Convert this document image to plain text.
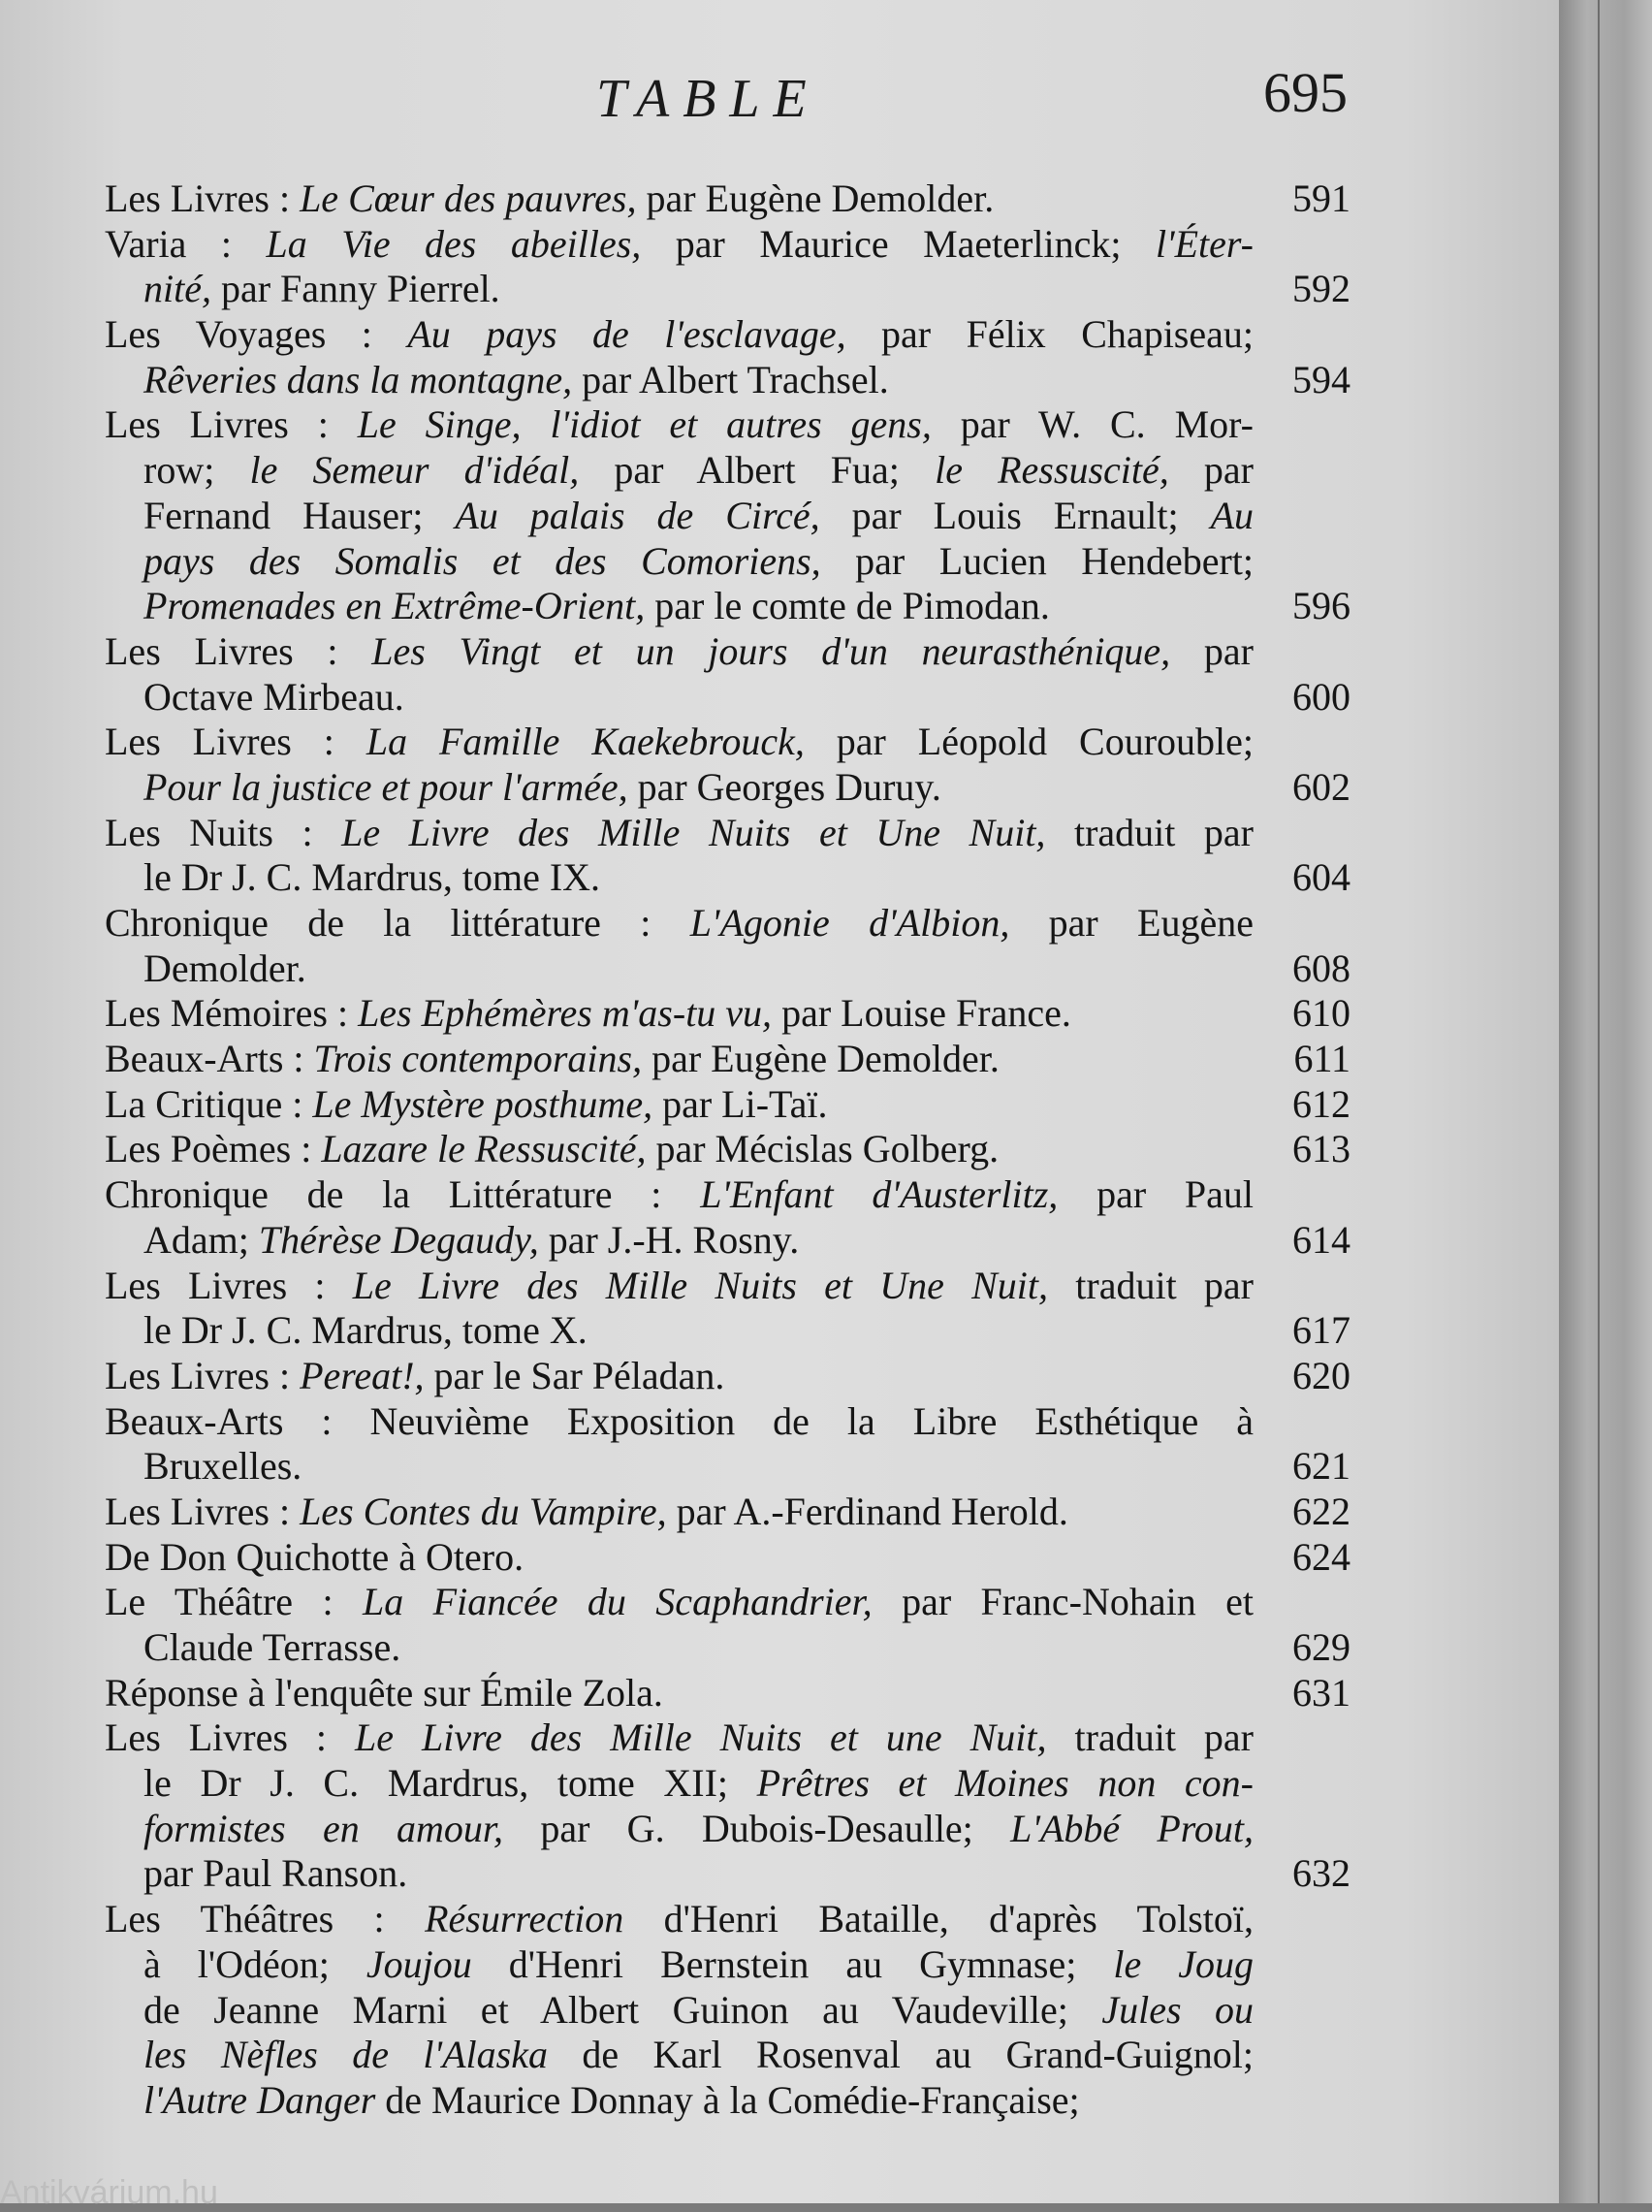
TABLE	695
Les Livres : Le Cœur des pauvres, par Eugène Demolder.	591
Varia : La Vie des abeilles, par Maurice Maeterlinck; l'Éter-
nité, par Fanny Pierrel.	592
Les Voyages : Au pays de l'esclavage, par Félix Chapiseau;
Rêveries dans la montagne, par Albert Trachsel.	594
Les Livres : Le Singe, l'idiot et autres gens, par W. C. Mor-
row; le Semeur d'idéal, par Albert Fua; le Ressuscité, par
Fernand Hauser; Au palais de Circé, par Louis Ernault; Au
pays des Somalis et des Comoriens, par Lucien Hendebert;
Promenades en Extrême-Orient, par le comte de Pimodan.	596
Les Livres : Les Vingt et un jours d'un neurasthénique, par
Octave Mirbeau.	600
Les Livres : La Famille Kaekebrouck, par Léopold Courouble;
Pour la justice et pour l'armée, par Georges Duruy.	602
Les Nuits : Le Livre des Mille Nuits et Une Nuit, traduit par
le Dr J. C. Mardrus, tome IX.	604
Chronique de la littérature : L'Agonie d'Albion, par Eugène
Demolder.	608
Les Mémoires : Les Ephémères m'as-tu vu, par Louise France.	610
Beaux-Arts : Trois contemporains, par Eugène Demolder.	611
La Critique : Le Mystère posthume, par Li-Taï.	612
Les Poèmes : Lazare le Ressuscité, par Mécislas Golberg.	613
Chronique de la Littérature : L'Enfant d'Austerlitz, par Paul
Adam; Thérèse Degaudy, par J.-H. Rosny.	614
Les Livres : Le Livre des Mille Nuits et Une Nuit, traduit par
le Dr J. C. Mardrus, tome X.	617
Les Livres : Pereat!, par le Sar Péladan.	620
Beaux-Arts : Neuvième Exposition de la Libre Esthétique à
Bruxelles.	621
Les Livres : Les Contes du Vampire, par A.-Ferdinand Herold.	622
De Don Quichotte à Otero.	624
Le Théâtre : La Fiancée du Scaphandrier, par Franc-Nohain et
Claude Terrasse.	629
Réponse à l'enquête sur Émile Zola.	631
Les Livres : Le Livre des Mille Nuits et une Nuit, traduit par
le Dr J. C. Mardrus, tome XII; Prêtres et Moines non con-
formistes en amour, par G. Dubois-Desaulle; L'Abbé Prout,
par Paul Ranson.	632
Les Théâtres : Résurrection d'Henri Bataille, d'après Tolstoï,
à l'Odéon; Joujou d'Henri Bernstein au Gymnase; le Joug
de Jeanne Marni et Albert Guinon au Vaudeville; Jules ou
les Nèfles de l'Alaska de Karl Rosenval au Grand-Guignol;
l'Autre Danger de Maurice Donnay à la Comédie-Française;
Antikvárium.hu
